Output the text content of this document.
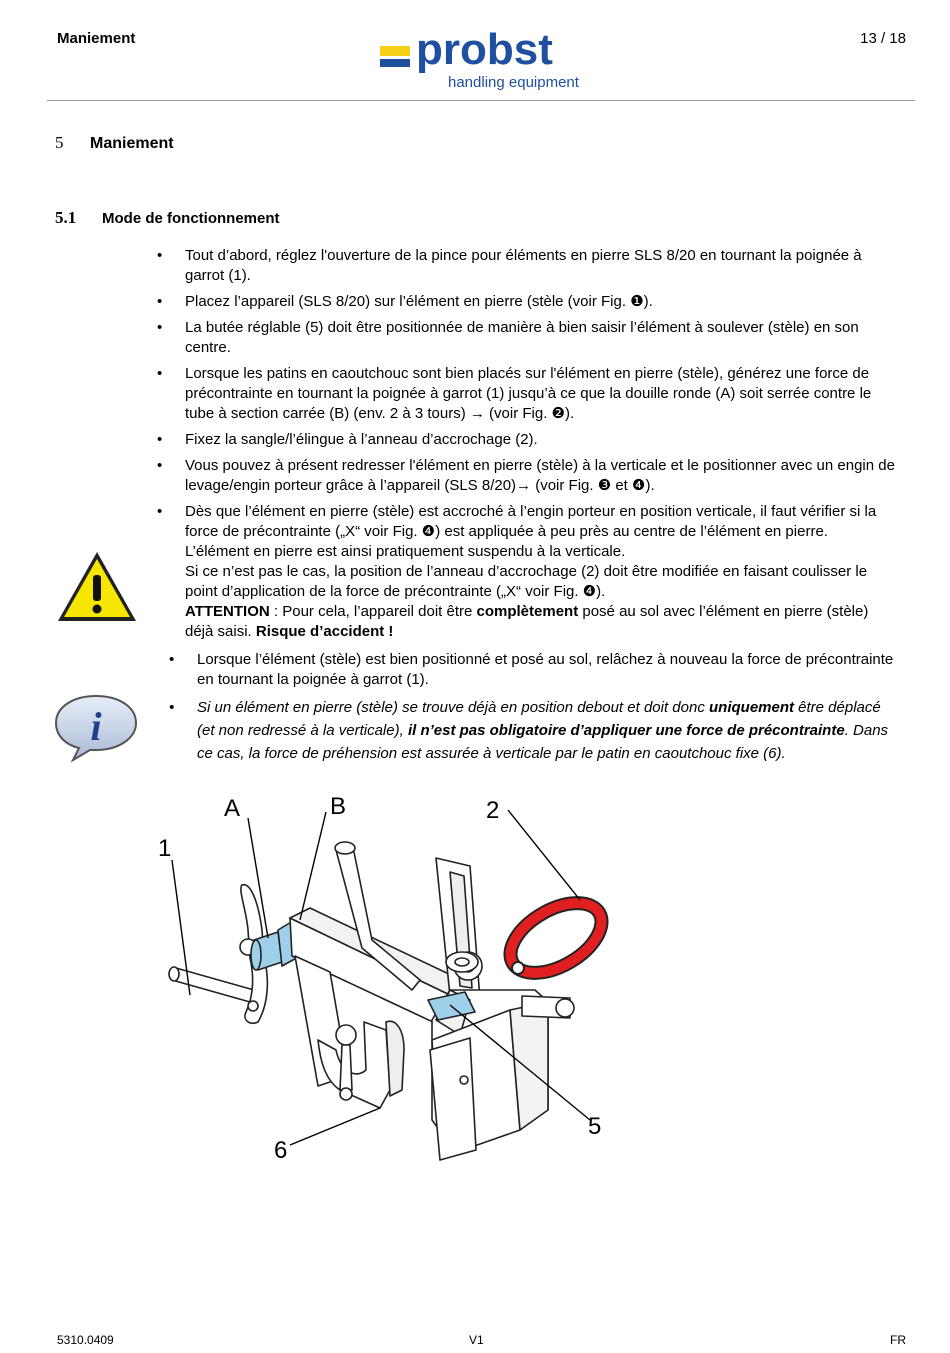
Maniement	13 / 18
probst
handling equipment
5 Maniement
5.1 Mode de fonctionnement
• Tout d’abord, réglez l'ouverture de la pince pour éléments en pierre SLS 8/20 en tournant la poignée à garrot (1).
• Placez l’appareil (SLS 8/20) sur l’élément en pierre (stèle (voir Fig. ❶).
• La butée réglable (5) doit être positionnée de manière à bien saisir l’élément à soulever (stèle) en son centre.
• Lorsque les patins en caoutchouc sont bien placés sur l'élément en pierre (stèle), générez une force de précontrainte en tournant la poignée à garrot (1) jusqu’à ce que la douille ronde (A) soit serrée contre le tube à section carrée (B) (env. 2 à 3 tours) → (voir Fig. ❷).
• Fixez la sangle/l’élingue à l’anneau d’accrochage (2).
• Vous pouvez à présent redresser l'élément en pierre (stèle) à la verticale et le positionner avec un engin de levage/engin porteur grâce à l’appareil (SLS 8/20)→ (voir Fig. ❸ et ❹).
• Dès que l’élément en pierre (stèle) est accroché à l’engin porteur en position verticale, il faut vérifier si la force de précontrainte („X“ voir Fig. ❹) est appliquée à peu près au centre de l’élément en pierre. L’élément en pierre est ainsi pratiquement suspendu à la verticale.
Si ce n’est pas le cas, la position de l’anneau d’accrochage (2) doit être modifiée en faisant coulisser le point d’application de la force de précontrainte („X“ voir Fig. ❹).
ATTENTION : Pour cela, l’appareil doit être complètement posé au sol avec l’élément en pierre (stèle) déjà saisi. Risque d’accident !
• Lorsque l’élément (stèle) est bien positionné et posé au sol, relâchez à nouveau la force de précontrainte en tournant la poignée à garrot (1).
• Si un élément en pierre (stèle) se trouve déjà en position debout et doit donc uniquement être déplacé (et non redressé à la verticale), il n’est pas obligatoire d’appliquer une force de précontrainte. Dans ce cas, la force de préhension est assurée à verticale par le patin en caoutchouc fixe (6).
i
1
A	B	2
5
6
5310.0409	V1	FR
